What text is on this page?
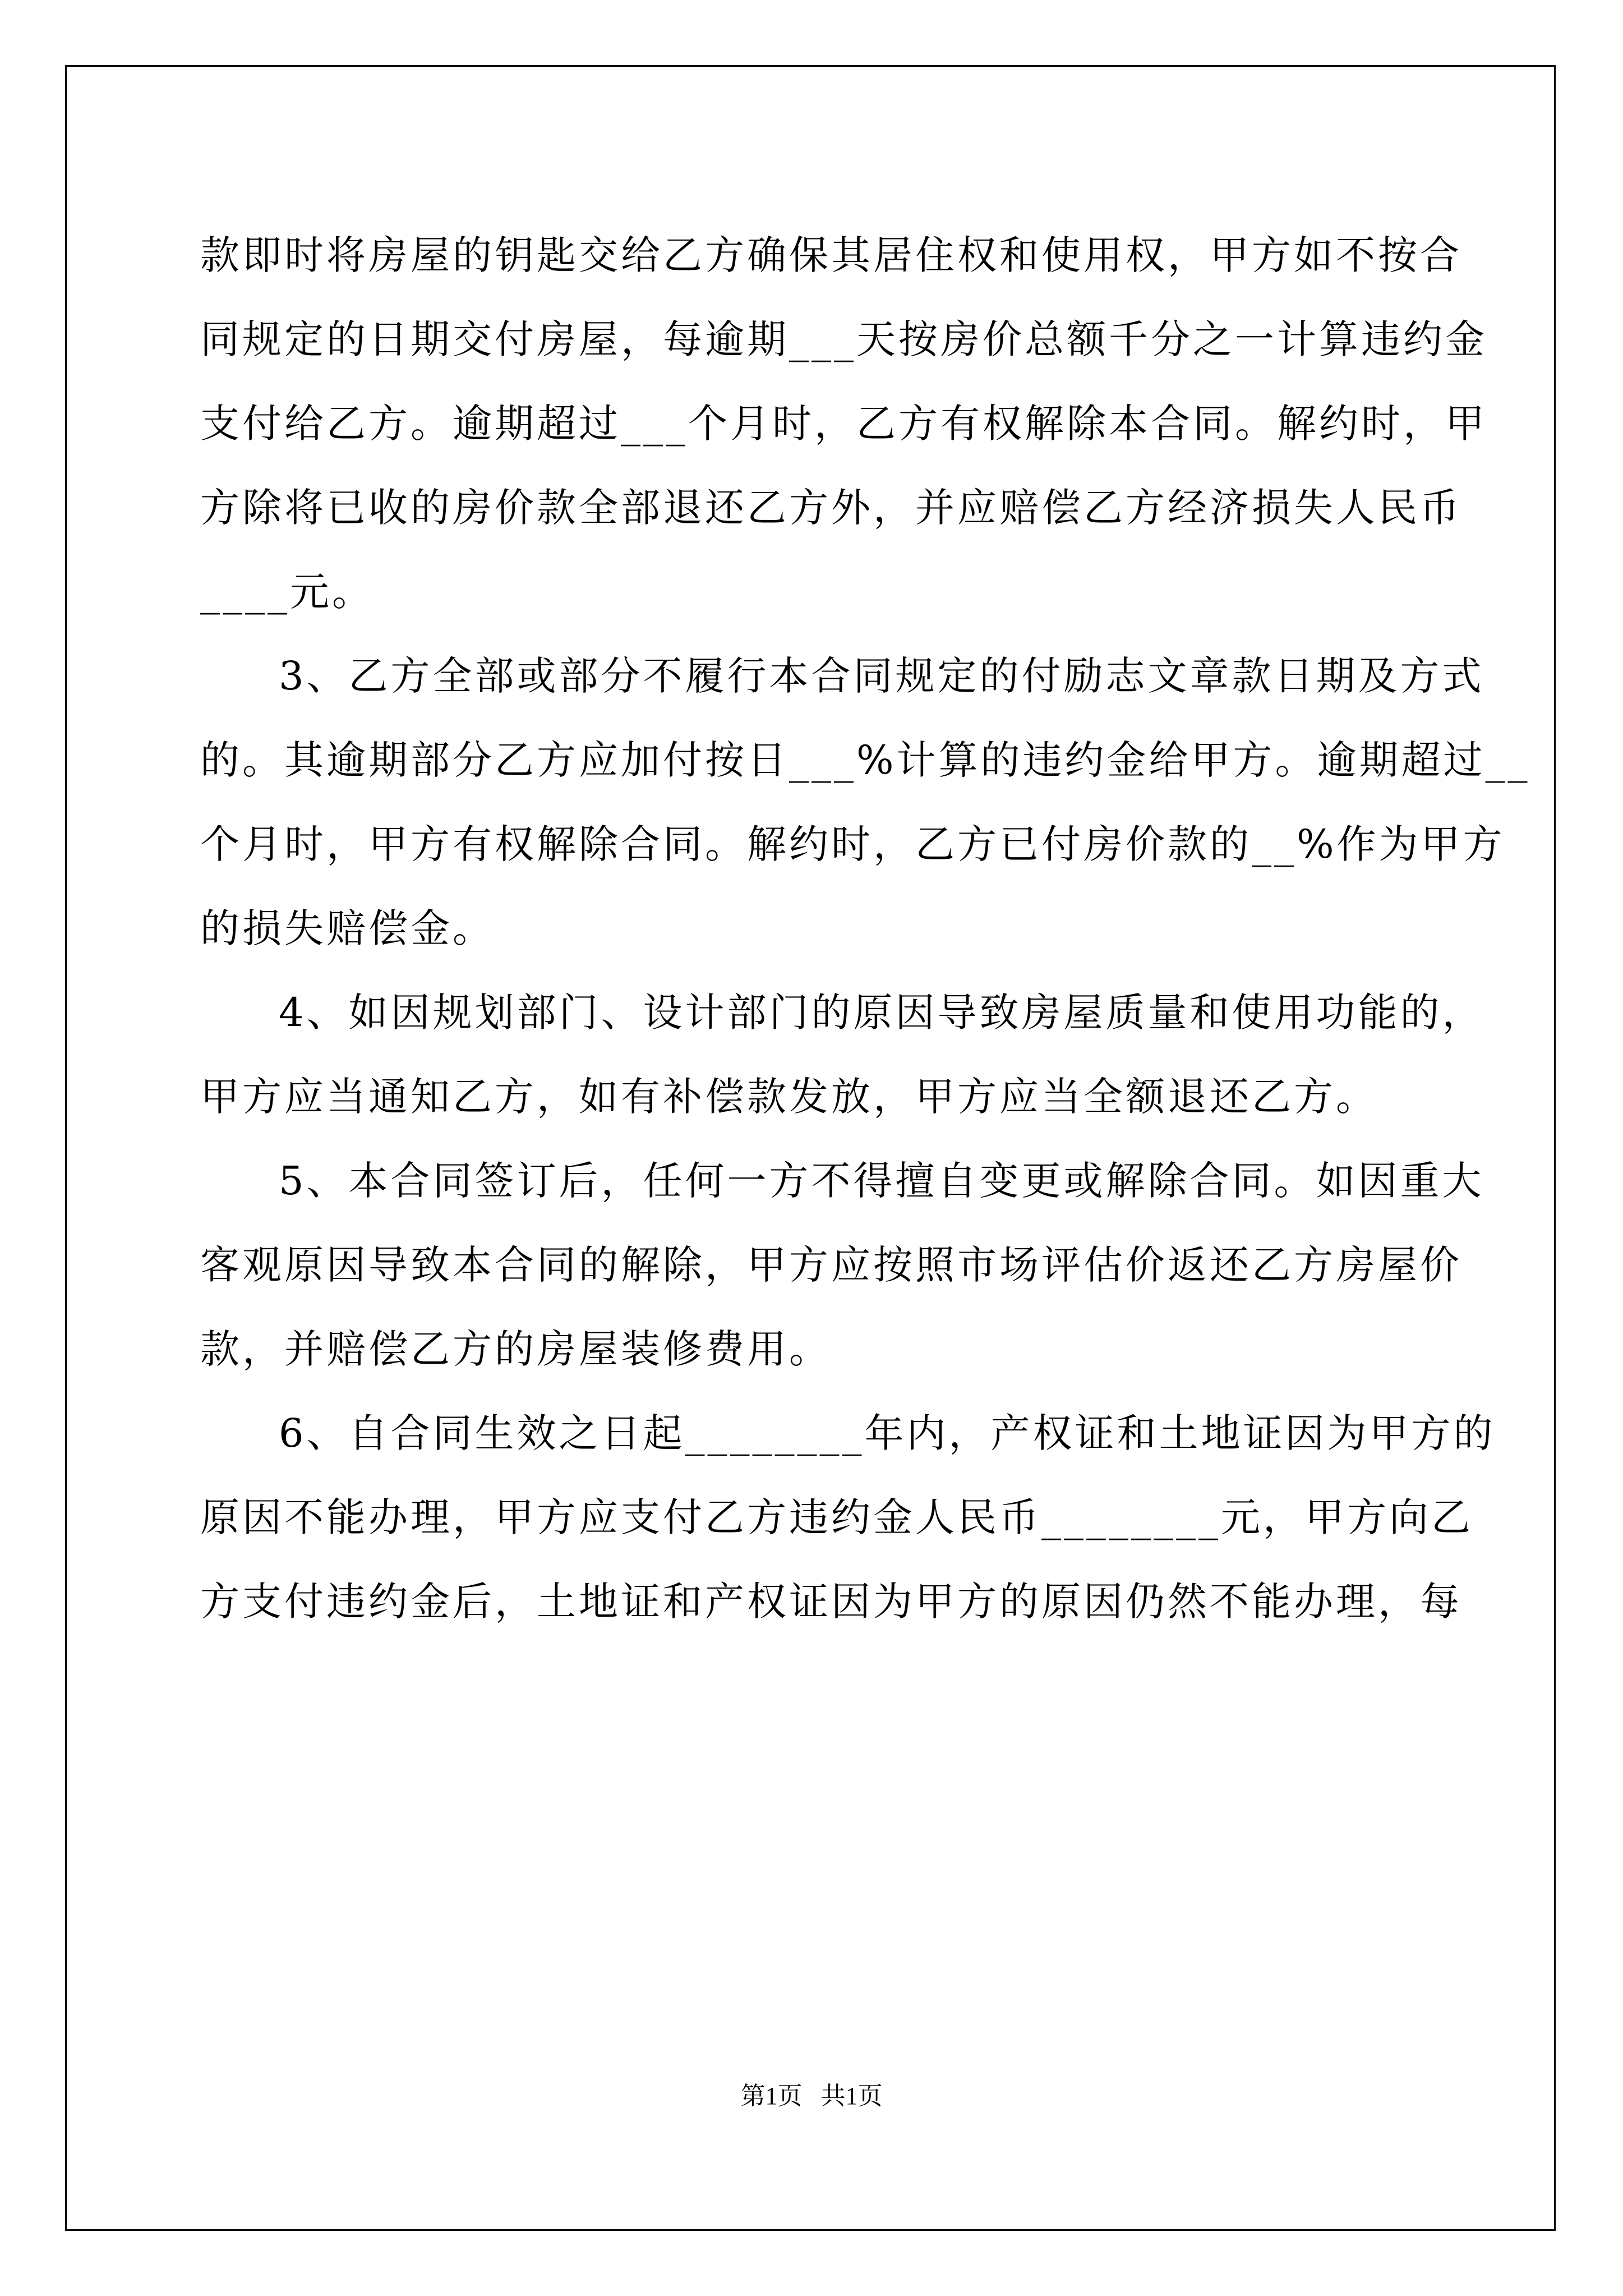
款即时将房屋的钥匙交给乙方确保其居住权和使用权，甲方如不按合
同规定的日期交付房屋，每逾期___天按房价总额千分之一计算违约金
支付给乙方。逾期超过___个月时，乙方有权解除本合同。解约时，甲
方除将已收的房价款全部退还乙方外，并应赔偿乙方经济损失人民币
____元。
3、乙方全部或部分不履行本合同规定的付励志文章款日期及方式
的。其逾期部分乙方应加付按日___%计算的违约金给甲方。逾期超过__
个月时，甲方有权解除合同。解约时，乙方已付房价款的__%作为甲方
的损失赔偿金。
4、如因规划部门、设计部门的原因导致房屋质量和使用功能的，
甲方应当通知乙方，如有补偿款发放，甲方应当全额退还乙方。
5、本合同签订后，任何一方不得擅自变更或解除合同。如因重大
客观原因导致本合同的解除，甲方应按照市场评估价返还乙方房屋价
款，并赔偿乙方的房屋装修费用。
6、自合同生效之日起________年内，产权证和土地证因为甲方的
原因不能办理，甲方应支付乙方违约金人民币________元，甲方向乙
方支付违约金后，土地证和产权证因为甲方的原因仍然不能办理，每
第1页   共1页
